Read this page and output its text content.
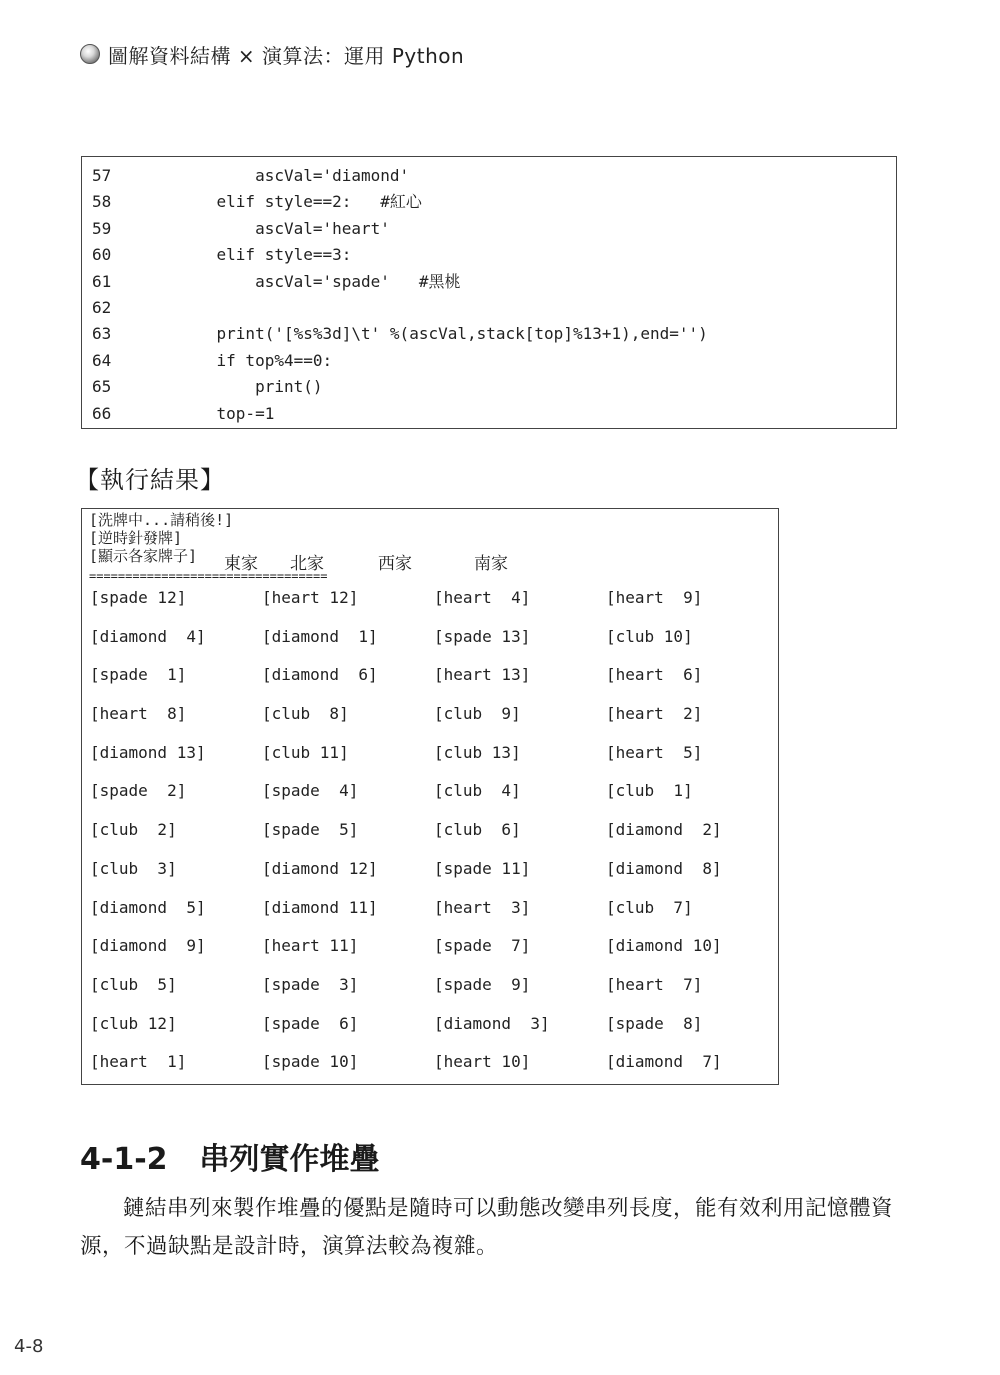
圖解資料結構 × 演算法：運用 Python
57	ascVal='diamond'
58	elif style==2:   #紅心
59	ascVal='heart'
60	elif style==3:
61	ascVal='spade'   #黑桃
62
63	print('[%s%3d]\t' %(ascVal,stack[top]%13+1),end='')
64	if top%4==0:
65	print()
66	top-=1
【執行結果】
[洗牌中...請稍後!]
[逆時針發牌]
[顯示各家牌子] 東家 北家	西家	南家
=================================
[spade 12]	[heart 12]	[heart  4]	[heart  9]
[diamond  4]	[diamond  1]	[spade 13]	[club 10]
[spade  1]	[diamond  6]	[heart 13]	[heart  6]
[heart  8]	[club  8]	[club  9]	[heart  2]
[diamond 13]	[club 11]	[club 13]	[heart  5]
[spade  2]	[spade  4]	[club  4]	[club  1]
[club  2]	[spade  5]	[club  6]	[diamond  2]
[club  3]	[diamond 12]	[spade 11]	[diamond  8]
[diamond  5]	[diamond 11]	[heart  3]	[club  7]
[diamond  9]	[heart 11]	[spade  7]	[diamond 10]
[club  5]	[spade  3]	[spade  9]	[heart  7]
[club 12]	[spade  6]	[diamond  3]	[spade  8]
[heart  1]	[spade 10]	[heart 10]	[diamond  7]
4-1-2 串列實作堆疊
鏈結串列來製作堆疊的優點是隨時可以動態改變串列長度，能有效利用記憶體資源，不過缺點是設計時，演算法較為複雜。
4-8
